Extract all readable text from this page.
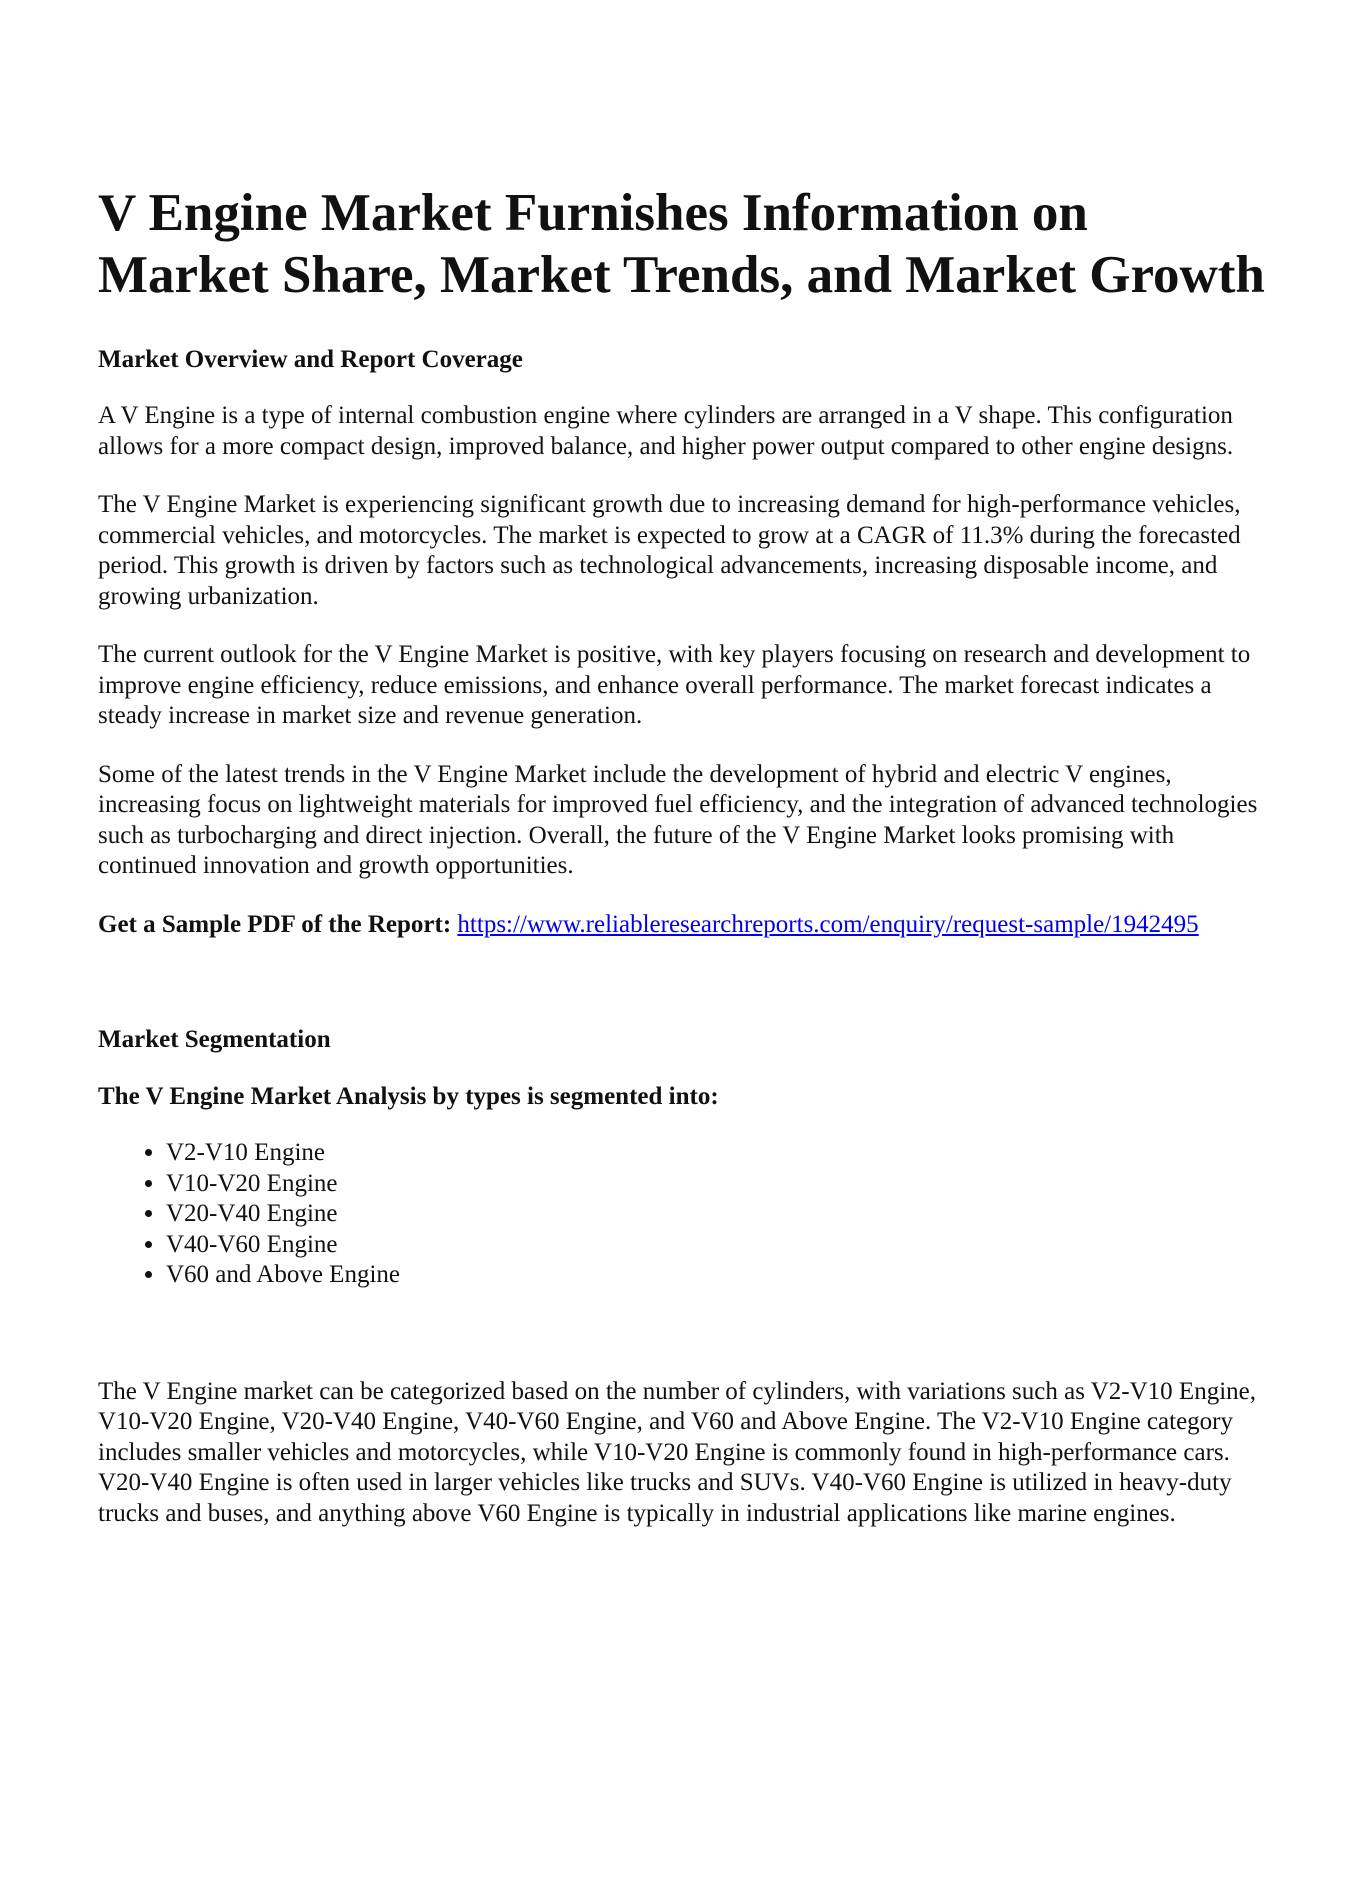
V Engine Market Furnishes Information on Market Share, Market Trends, and Market Growth
Market Overview and Report Coverage

A V Engine is a type of internal combustion engine where cylinders are arranged in a V shape. This configuration allows for a more compact design, improved balance, and higher power output compared to other engine designs.

The V Engine Market is experiencing significant growth due to increasing demand for high-performance vehicles, commercial vehicles, and motorcycles. The market is expected to grow at a CAGR of 11.3% during the forecasted period. This growth is driven by factors such as technological advancements, increasing disposable income, and growing urbanization.

The current outlook for the V Engine Market is positive, with key players focusing on research and development to improve engine efficiency, reduce emissions, and enhance overall performance. The market forecast indicates a steady increase in market size and revenue generation.

Some of the latest trends in the V Engine Market include the development of hybrid and electric V engines, increasing focus on lightweight materials for improved fuel efficiency, and the integration of advanced technologies such as turbocharging and direct injection. Overall, the future of the V Engine Market looks promising with continued innovation and growth opportunities.

Get a Sample PDF of the Report: https://www.reliableresearchreports.com/enquiry/request-sample/1942495
Market Segmentation
The V Engine Market Analysis by types is segmented into:
• V2-V10 Engine
• V10-V20 Engine
• V20-V40 Engine
• V40-V60 Engine
• V60 and Above Engine

The V Engine market can be categorized based on the number of cylinders, with variations such as V2-V10 Engine, V10-V20 Engine, V20-V40 Engine, V40-V60 Engine, and V60 and Above Engine. The V2-V10 Engine category includes smaller vehicles and motorcycles, while V10-V20 Engine is commonly found in high-performance cars. V20-V40 Engine is often used in larger vehicles like trucks and SUVs. V40-V60 Engine is utilized in heavy-duty trucks and buses, and anything above V60 Engine is typically in industrial applications like marine engines.
